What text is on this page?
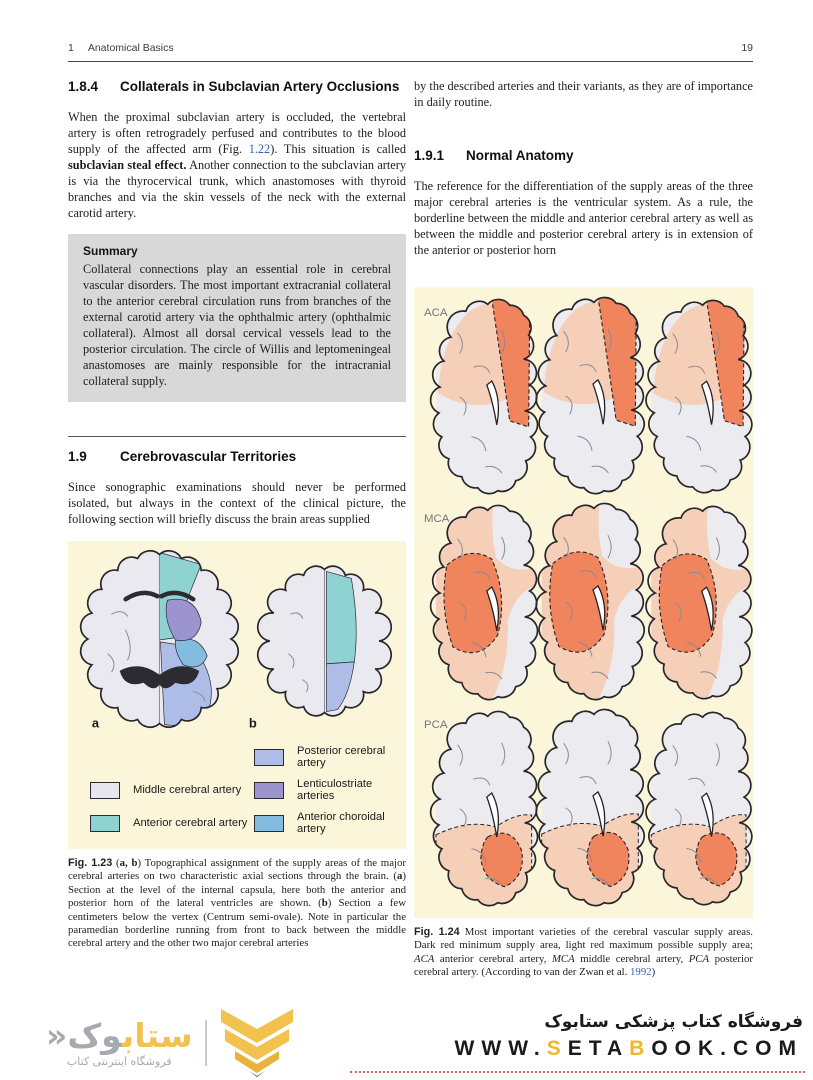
1 Anatomical Basics	19
1.8.4	Collaterals in Subclavian Artery Occlusions

When the proximal subclavian artery is occluded, the vertebral artery is often retrogradely perfused and contributes to the blood supply of the affected arm (Fig. 1.22). This situation is called subclavian steal effect. Another connection to the subclavian artery is via the thyrocervical trunk, which anastomoses with thyroid branches and via the skin vessels of the neck with the external carotid artery.

Summary

Collateral connections play an essential role in cerebral vascular disorders. The most important extracranial collateral to the anterior cerebral circulation runs from branches of the external carotid artery via the ophthalmic artery (ophthalmic collateral). Almost all dorsal cervical vessels lead to the posterior circulation. The circle of Willis and leptomeningeal anastomoses are mainly responsible for the intracranial collateral supply.

1.9	Cerebrovascular Territories

Since sonographic examinations should never be performed isolated, but always in the context of the clinical picture, the following section will briefly discuss the brain areas supplied

a	b
Posterior cerebral artery
Middle cerebral artery	Lenticulostriate arteries
Anterior cerebral artery	Anterior choroidal artery

Fig. 1.23 (a, b) Topographical assignment of the supply areas of the major cerebral arteries on two characteristic axial sections through the brain. (a) Section at the level of the internal capsula, here both the anterior and posterior horn of the lateral ventricles are shown. (b) Section a few centimeters below the vertex (Centrum semi-ovale). Note in particular the paramedian borderline running from front to back between the middle cerebral artery and the other two major cerebral arteries

by the described arteries and their variants, as they are of importance in daily routine.

1.9.1	Normal Anatomy

The reference for the differentiation of the supply areas of the three major cerebral arteries is the ventricular system. As a rule, the borderline between the middle and anterior cerebral artery as well as between the middle and posterior cerebral artery is in extension of the anterior or posterior horn

ACA
MCA
PCA

Fig. 1.24 Most important varieties of the cerebral vascular supply areas. Dark red minimum supply area, light red maximum possible supply area; ACA anterior cerebral artery, MCA middle cerebral artery, PCA posterior cerebral artery. (According to van der Zwan et al. 1992)

ستابوک«
فروشگاه اینترنتی کتاب
فروشگاه کتاب پزشکی ستابوک
WWW.SETABOOK.COM
